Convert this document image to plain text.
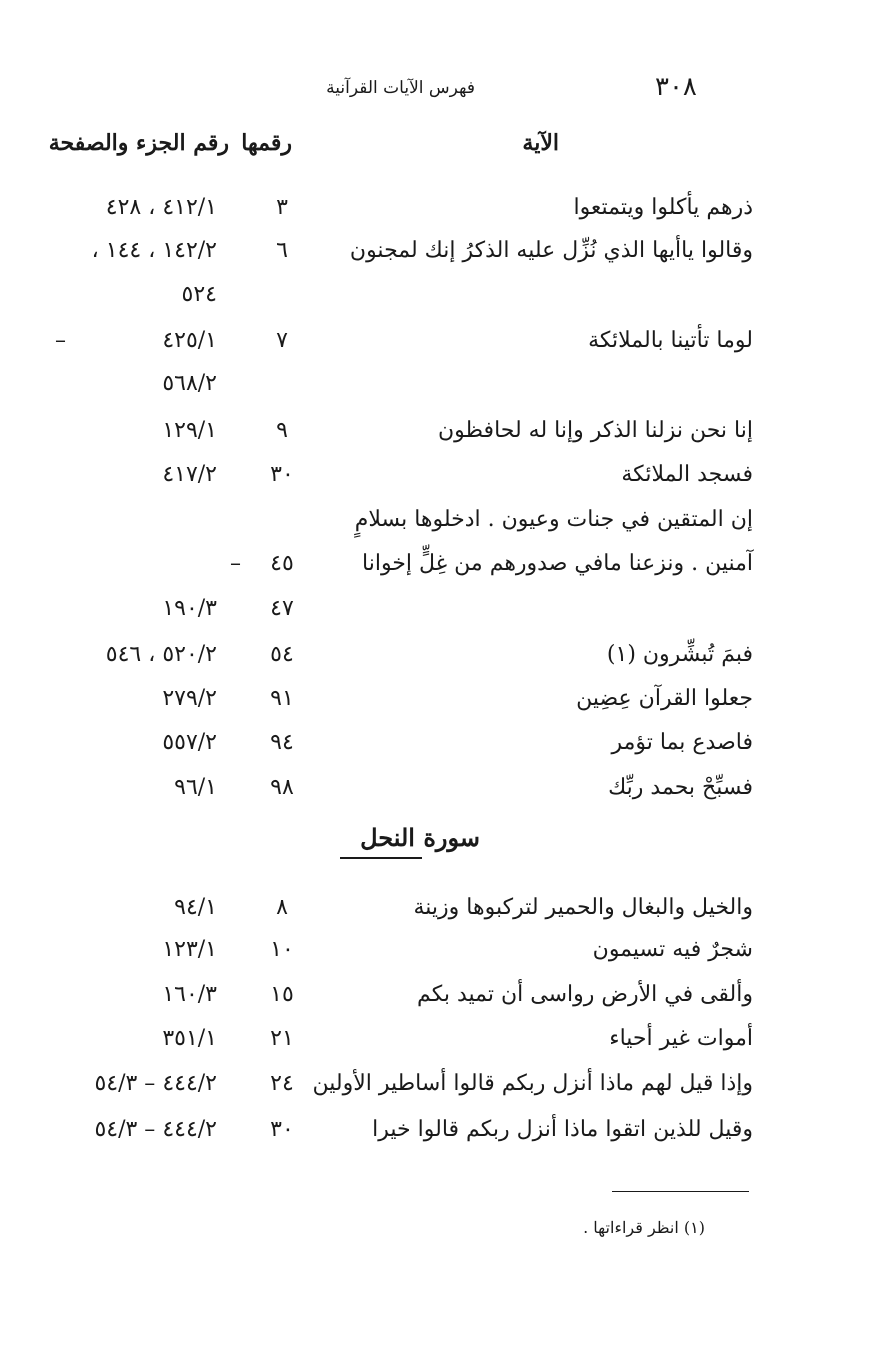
٣٠٨
فهرس الآيات القرآنية
الآية
رقمها
رقم الجزء والصفحة
ذرهم يأكلوا ويتمتعوا
٣
٤١٢/١ ، ٤٢٨
وقالوا ياأيها الذي نُزِّل عليه الذكرُ إنك لمجنون
٦
١٤٢/٢ ، ١٤٤ ،
٥٢٤
لوما تأتينا بالملائكة
٧
٤٢٥/١
–
٥٦٨/٢
إنا نحن نزلنا الذكر وإنا له لحافظون
٩
١٢٩/١
فسجد الملائكة
٣٠
٤١٧/٢
إن المتقين في جنات وعيون . ادخلوها بسلامٍ
آمنين . ونزعنا مافي صدورهم من غِلٍّ إخوانا
٤٥
–
٤٧
١٩٠/٣
فبمَ تُبشِّرون (١)
٥٤
٥٢٠/٢ ، ٥٤٦
جعلوا القرآن عِضِين
٩١
٢٧٩/٢
فاصدع بما تؤمر
٩٤
٥٥٧/٢
فسبِّحْ بحمد ربِّك
٩٨
٩٦/١
سورة النحل
والخيل والبغال والحمير لتركبوها وزينة
٨
٩٤/١
شجرٌ فيه تسيمون
١٠
١٢٣/١
وألقى في الأرض رواسى أن تميد بكم
١٥
١٦٠/٣
أموات غير أحياء
٢١
٣٥١/١
وإذا قيل لهم ماذا أنزل ربكم قالوا أساطير الأولين
٢٤
٤٤٤/٢ – ٥٤/٣
وقيل للذين اتقوا ماذا أنزل ربكم قالوا خيرا
٣٠
٤٤٤/٢ – ٥٤/٣
(١) انظر قراءاتها .
